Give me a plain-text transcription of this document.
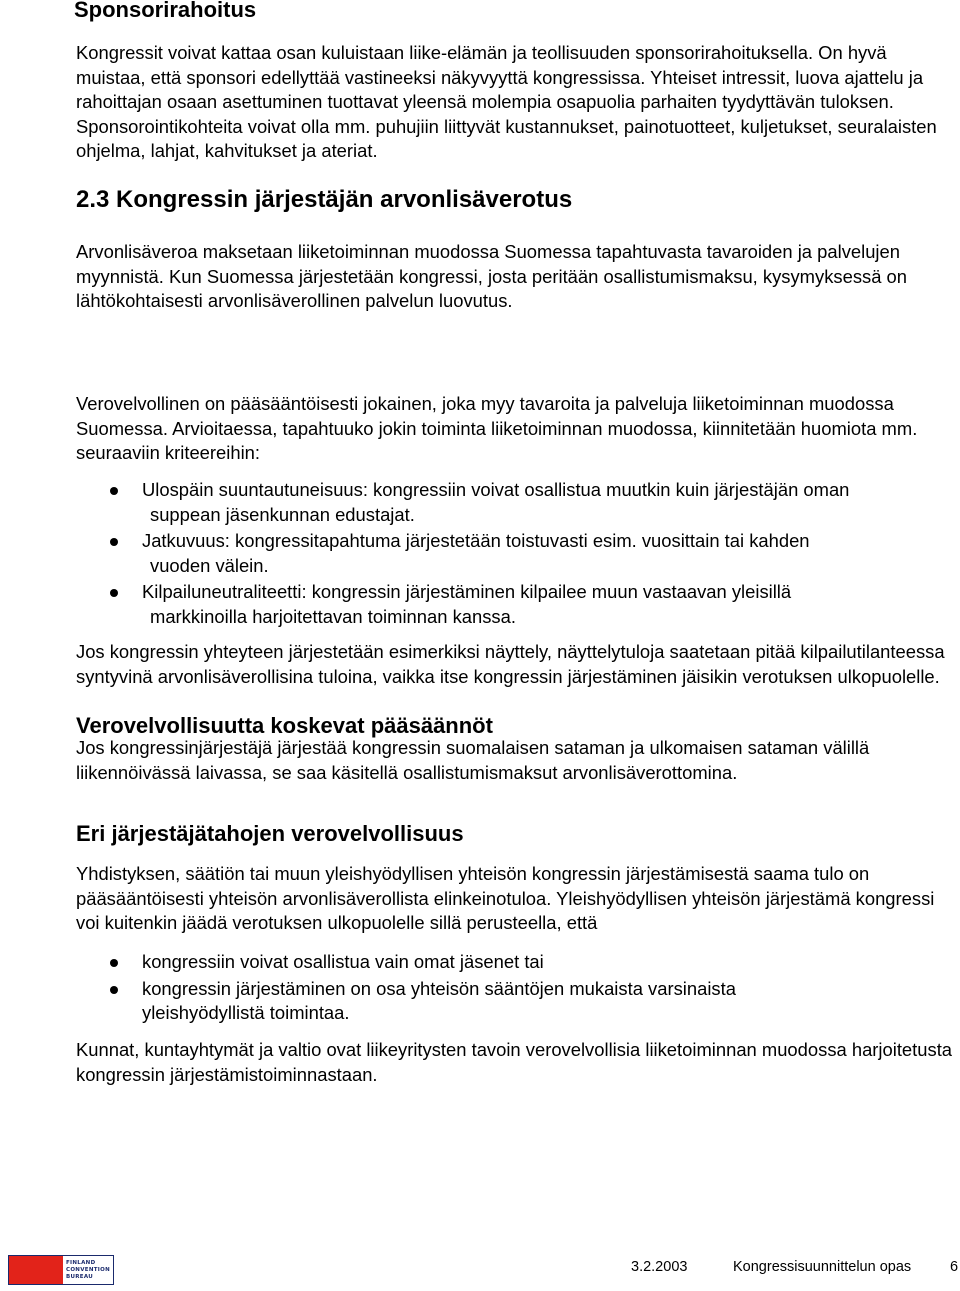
Sponsorirahoitus

Kongressit voivat kattaa osan kuluistaan liike-elämän ja teollisuuden sponsorirahoituksella. On hyvä muistaa, että sponsori edellyttää vastineeksi näkyvyyttä kongressissa. Yhteiset intressit, luova ajattelu ja rahoittajan osaan asettuminen tuottavat yleensä molempia osapuolia parhaiten tyydyttävän tuloksen. Sponsorointikohteita voivat olla mm. puhujiin liittyvät kustannukset, painotuotteet, kuljetukset, seuralaisten ohjelma, lahjat, kahvitukset ja ateriat.

2.3 Kongressin järjestäjän arvonlisäverotus

Arvonlisäveroa maksetaan liiketoiminnan muodossa Suomessa tapahtuvasta tavaroiden ja palvelujen myynnistä. Kun Suomessa järjestetään kongressi, josta peritään osallistumismaksu, kysymyksessä on lähtökohtaisesti arvonlisäverollinen palvelun luovutus.

Verovelvollisuutta koskevat pääsäännöt

Verovelvollinen on pääsääntöisesti jokainen, joka myy tavaroita ja palveluja liiketoiminnan muodossa Suomessa. Arvioitaessa, tapahtuuko jokin toiminta liiketoiminnan muodossa, kiinnitetään huomiota mm. seuraaviin kriteereihin:

Ulospäin suuntautuneisuus: kongressiin voivat osallistua muutkin kuin järjestäjän oman
suppean jäsenkunnan edustajat.
Jatkuvuus: kongressitapahtuma järjestetään toistuvasti esim. vuosittain tai kahden
vuoden välein.
Kilpailuneutraliteetti: kongressin järjestäminen kilpailee muun vastaavan yleisillä
markkinoilla harjoitettavan toiminnan kanssa.

Jos kongressin yhteyteen järjestetään esimerkiksi näyttely, näyttelytuloja saatetaan pitää kilpailutilanteessa syntyvinä arvonlisäverollisina tuloina, vaikka itse kongressin järjestäminen jäisikin verotuksen ulkopuolelle.

Jos kongressinjärjestäjä järjestää kongressin suomalaisen sataman ja ulkomaisen sataman välillä liikennöivässä laivassa, se saa käsitellä osallistumismaksut arvonlisäverottomina.

Eri järjestäjätahojen verovelvollisuus

Yhdistyksen, säätiön tai muun yleishyödyllisen yhteisön kongressin järjestämisestä saama tulo on pääsääntöisesti yhteisön arvonlisäverollista elinkeinotuloa. Yleishyödyllisen yhteisön järjestämä kongressi voi kuitenkin jäädä verotuksen ulkopuolelle sillä perusteella, että

kongressiin voivat osallistua vain omat jäsenet tai
kongressin järjestäminen on osa yhteisön sääntöjen mukaista varsinaista
yleishyödyllistä toimintaa.

Kunnat, kuntayhtymät ja valtio ovat liikeyritysten tavoin verovelvollisia liiketoiminnan muodossa harjoitetusta kongressin järjestämistoiminnastaan.

FINLAND
CONVENTION
BUREAU
3.2.2003	Kongressisuunnittelun opas	6
